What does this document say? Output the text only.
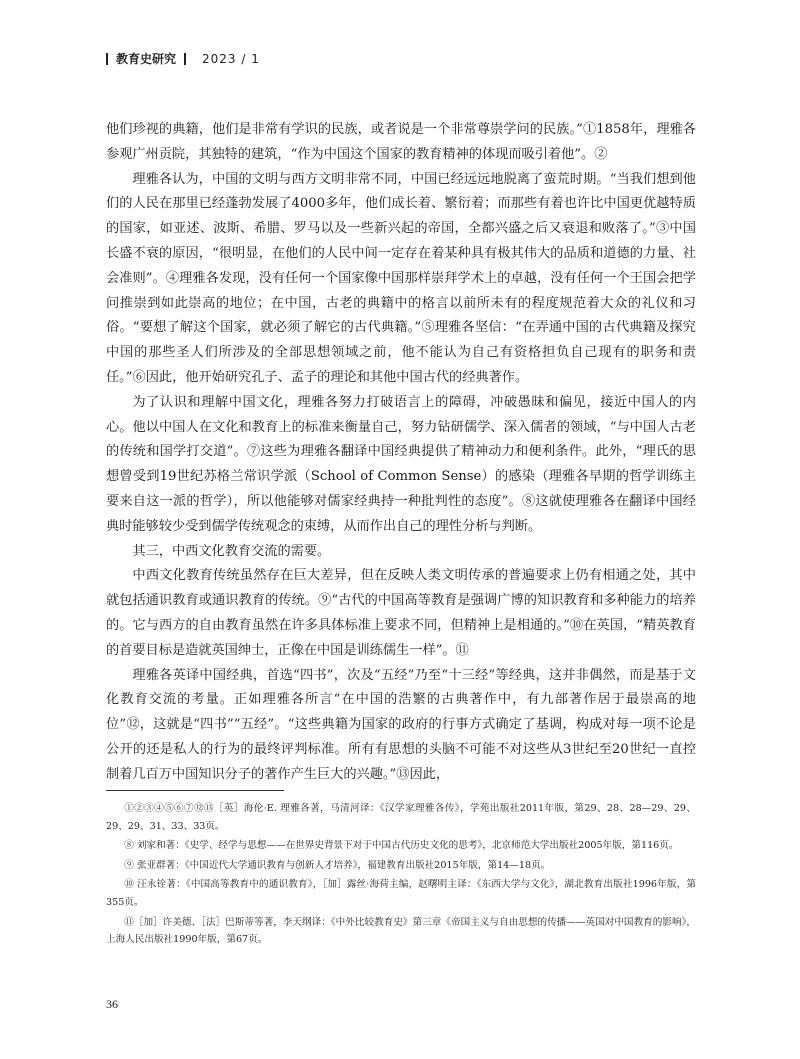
教育史研究 2023 / 1

他们珍视的典籍，他们是非常有学识的民族，或者说是一个非常尊崇学问的民族。”①1858年，理雅各参观广州贡院，其独特的建筑，“作为中国这个国家的教育精神的体现而吸引着他”。②

理雅各认为，中国的文明与西方文明非常不同，中国已经远远地脱离了蛮荒时期。“当我们想到他们的人民在那里已经蓬勃发展了4000多年，他们成长着、繁衍着；而那些有着也许比中国更优越特质的国家，如亚述、波斯、希腊、罗马以及一些新兴起的帝国，全都兴盛之后又衰退和败落了。”③中国长盛不衰的原因，“很明显，在他们的人民中间一定存在着某种具有极其伟大的品质和道德的力量、社会准则”。④理雅各发现，没有任何一个国家像中国那样崇拜学术上的卓越，没有任何一个王国会把学问推崇到如此崇高的地位；在中国，古老的典籍中的格言以前所未有的程度规范着大众的礼仪和习俗。“要想了解这个国家，就必须了解它的古代典籍。”⑤理雅各坚信：“在弄通中国的古代典籍及探究中国的那些圣人们所涉及的全部思想领域之前，他不能认为自己有资格担负自己现有的职务和责任。”⑥因此，他开始研究孔子、孟子的理论和其他中国古代的经典著作。

为了认识和理解中国文化，理雅各努力打破语言上的障碍，冲破愚昧和偏见，接近中国人的内心。他以中国人在文化和教育上的标准来衡量自己，努力钻研儒学、深入儒者的领域，“与中国人古老的传统和国学打交道”。⑦这些为理雅各翻译中国经典提供了精神动力和便利条件。此外，“理氏的思想曾受到19世纪苏格兰常识学派（School of Common Sense）的感染（理雅各早期的哲学训练主要来自这一派的哲学），所以他能够对儒家经典持一种批判性的态度”。⑧这就使理雅各在翻译中国经典时能够较少受到儒学传统观念的束缚，从而作出自己的理性分析与判断。

其三，中西文化教育交流的需要。

中西文化教育传统虽然存在巨大差异，但在反映人类文明传承的普遍要求上仍有相通之处，其中就包括通识教育或通识教育的传统。⑨“古代的中国高等教育是强调广博的知识教育和多种能力的培养的。它与西方的自由教育虽然在许多具体标准上要求不同，但精神上是相通的。”⑩在英国，“精英教育的首要目标是造就英国绅士，正像在中国是训练儒生一样”。⑪

理雅各英译中国经典，首选“四书”，次及“五经”乃至“十三经”等经典，这并非偶然，而是基于文化教育交流的考量。正如理雅各所言“在中国的浩繁的古典著作中，有九部著作居于最崇高的地位”⑫，这就是“四书”“五经”。“这些典籍为国家的政府的行事方式确定了基调，构成对每一项不论是公开的还是私人的行为的最终评判标准。所有有思想的头脑不可能不对这些从3世纪至20世纪一直控制着几百万中国知识分子的著作产生巨大的兴趣。”⑬因此，

①②③④⑤⑥⑦⑫⑬［英］海伦·E. 理雅各著，马清河译：《汉学家理雅各传》，学苑出版社2011年版，第29、28、28—29、29、29、29、31、33、33页。

⑧ 刘家和著：《史学、经学与思想——在世界史背景下对于中国古代历史文化的思考》，北京师范大学出版社2005年版，第116页。

⑨ 张亚群著：《中国近代大学通识教育与创新人才培养》，福建教育出版社2015年版，第14—18页。

⑩ 汪永铨著：《中国高等教育中的通识教育》，［加］露丝·海荷主编，赵曙明主译：《东西大学与文化》，湖北教育出版社1996年版，第355页。

⑪［加］许美德、［法］巴斯蒂等著，李天纲译：《中外比较教育史》第三章《帝国主义与自由思想的传播——英国对中国教育的影响》，上海人民出版社1990年版，第67页。

36
